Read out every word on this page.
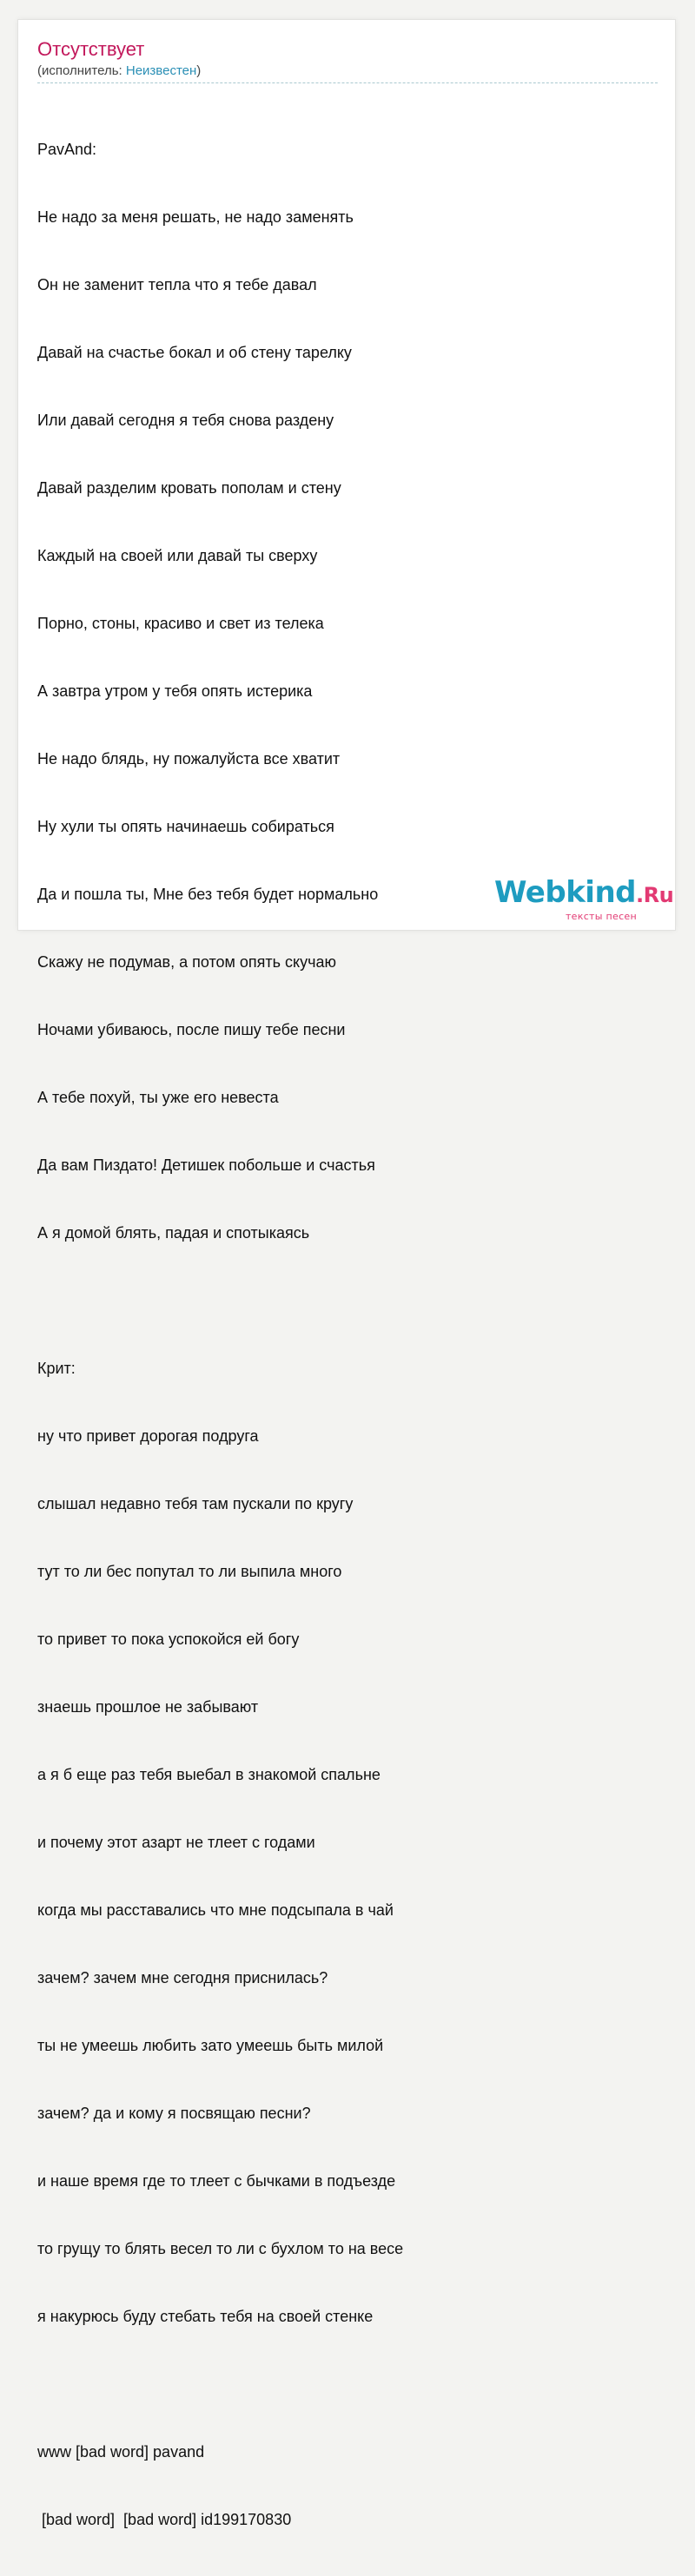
Отсутствует
(исполнитель: Неизвестен)

PavAnd:

Не надо за меня решать, не надо заменять

Он не заменит тепла что я тебе давал

Давай на счастье бокал и об стену тарелку

Или давай сегодня я тебя снова раздену

Давай разделим кровать пополам и стену

Каждый на своей или давай ты сверху

Порно, стоны, красиво и свет из телека

А завтра утром у тебя опять истерика

Не надо блядь, ну пожалуйста все хватит

Ну хули ты опять начинаешь собираться

Да и пошла ты, Мне без тебя будет нормально

Скажу не подумав, а потом опять скучаю

Ночами убиваюсь, после пишу тебе песни

А тебе похуй, ты уже его невеста

Да вам Пиздато! Детишек побольше и счастья

А я домой блять, падая и спотыкаясь

Крит:

ну что привет дорогая подруга

слышал недавно тебя там пускали по кругу

тут то ли бес попутал то ли выпила много

то привет то пока успокойся ей богу

знаешь прошлое не забывают

а я б еще раз тебя выебал в знакомой спальне

и почему этот азарт не тлеет с годами

когда мы расставались что мне подсыпала в чай

зачем? зачем мне сегодня приснилась?

ты не умеешь любить зато умеешь быть милой

зачем? да и кому я посвящаю песни?

и наше время где то тлеет с бычками в подъезде

то грущу то блять весел то ли с бухлом то на весе

я накурюсь буду стебать тебя на своей стенке

www [bad word] pavand

[bad word]  [bad word] id199170830

Webkind.Ru
тексты песен
